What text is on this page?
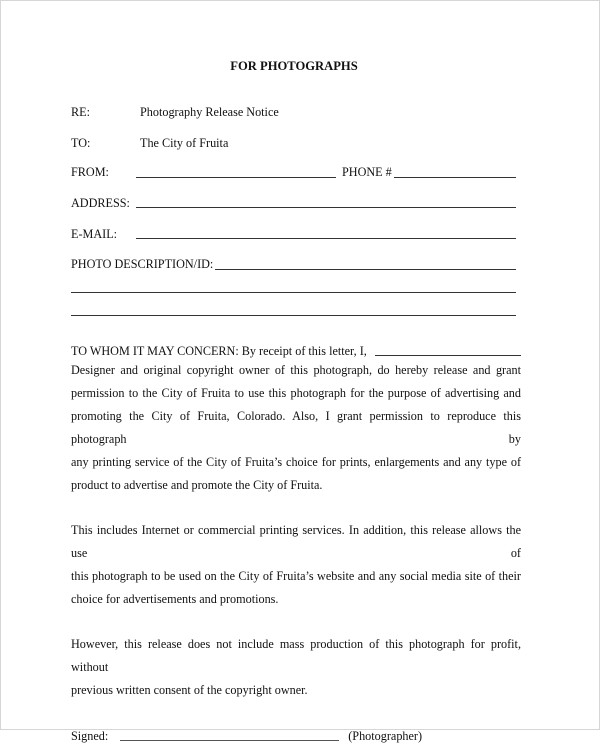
FOR PHOTOGRAPHS
RE:	Photography Release Notice
TO:	The City of Fruita
FROM:	PHONE #
ADDRESS:
E-MAIL:
PHOTO DESCRIPTION/ID:
TO WHOM IT MAY CONCERN: By receipt of this letter, I,
Designer and original copyright owner of this photograph, do hereby release and grant
permission to the City of Fruita to use this photograph for the purpose of advertising and
promoting the City of Fruita, Colorado. Also, I grant permission to reproduce this photograph by
any printing service of the City of Fruita’s choice for prints, enlargements and any type of
product to advertise and promote the City of Fruita.
This includes Internet or commercial printing services. In addition, this release allows the use of
this photograph to be used on the City of Fruita’s website and any social media site of their
choice for advertisements and promotions.
However, this release does not include mass production of this photograph for profit, without
previous written consent of the copyright owner.
Signed:	(Photographer)
